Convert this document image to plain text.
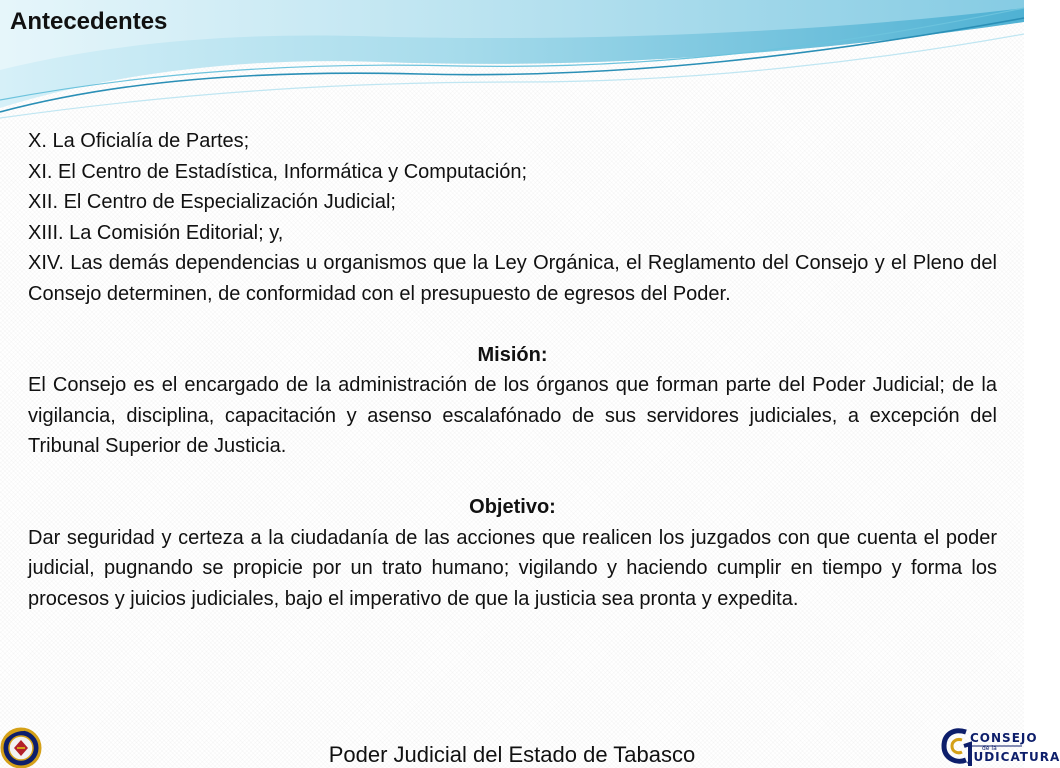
Antecedentes

X. La Oficialía de Partes;

XI. El Centro de Estadística, Informática y Computación;

XII. El Centro de Especialización Judicial;

XIII. La Comisión Editorial; y,

XIV. Las demás dependencias u organismos que la Ley Orgánica, el Reglamento del Consejo y el Pleno del Consejo determinen, de conformidad con el presupuesto de egresos del Poder.

Misión:

El Consejo es el encargado de la administración de los órganos que forman parte del Poder Judicial; de la vigilancia, disciplina, capacitación y asenso escalafónado de sus servidores judiciales, a excepción del Tribunal Superior de Justicia.

Objetivo:

Dar seguridad y certeza a la ciudadanía de las acciones que realicen los juzgados con que cuenta el poder judicial, pugnando se propicie por un trato humano; vigilando y haciendo cumplir en tiempo y forma los procesos y juicios judiciales, bajo el imperativo de que la justicia sea pronta y expedita.

CONSEJO
de la
JUDICATURA
Poder Judicial del Estado de Tabasco
